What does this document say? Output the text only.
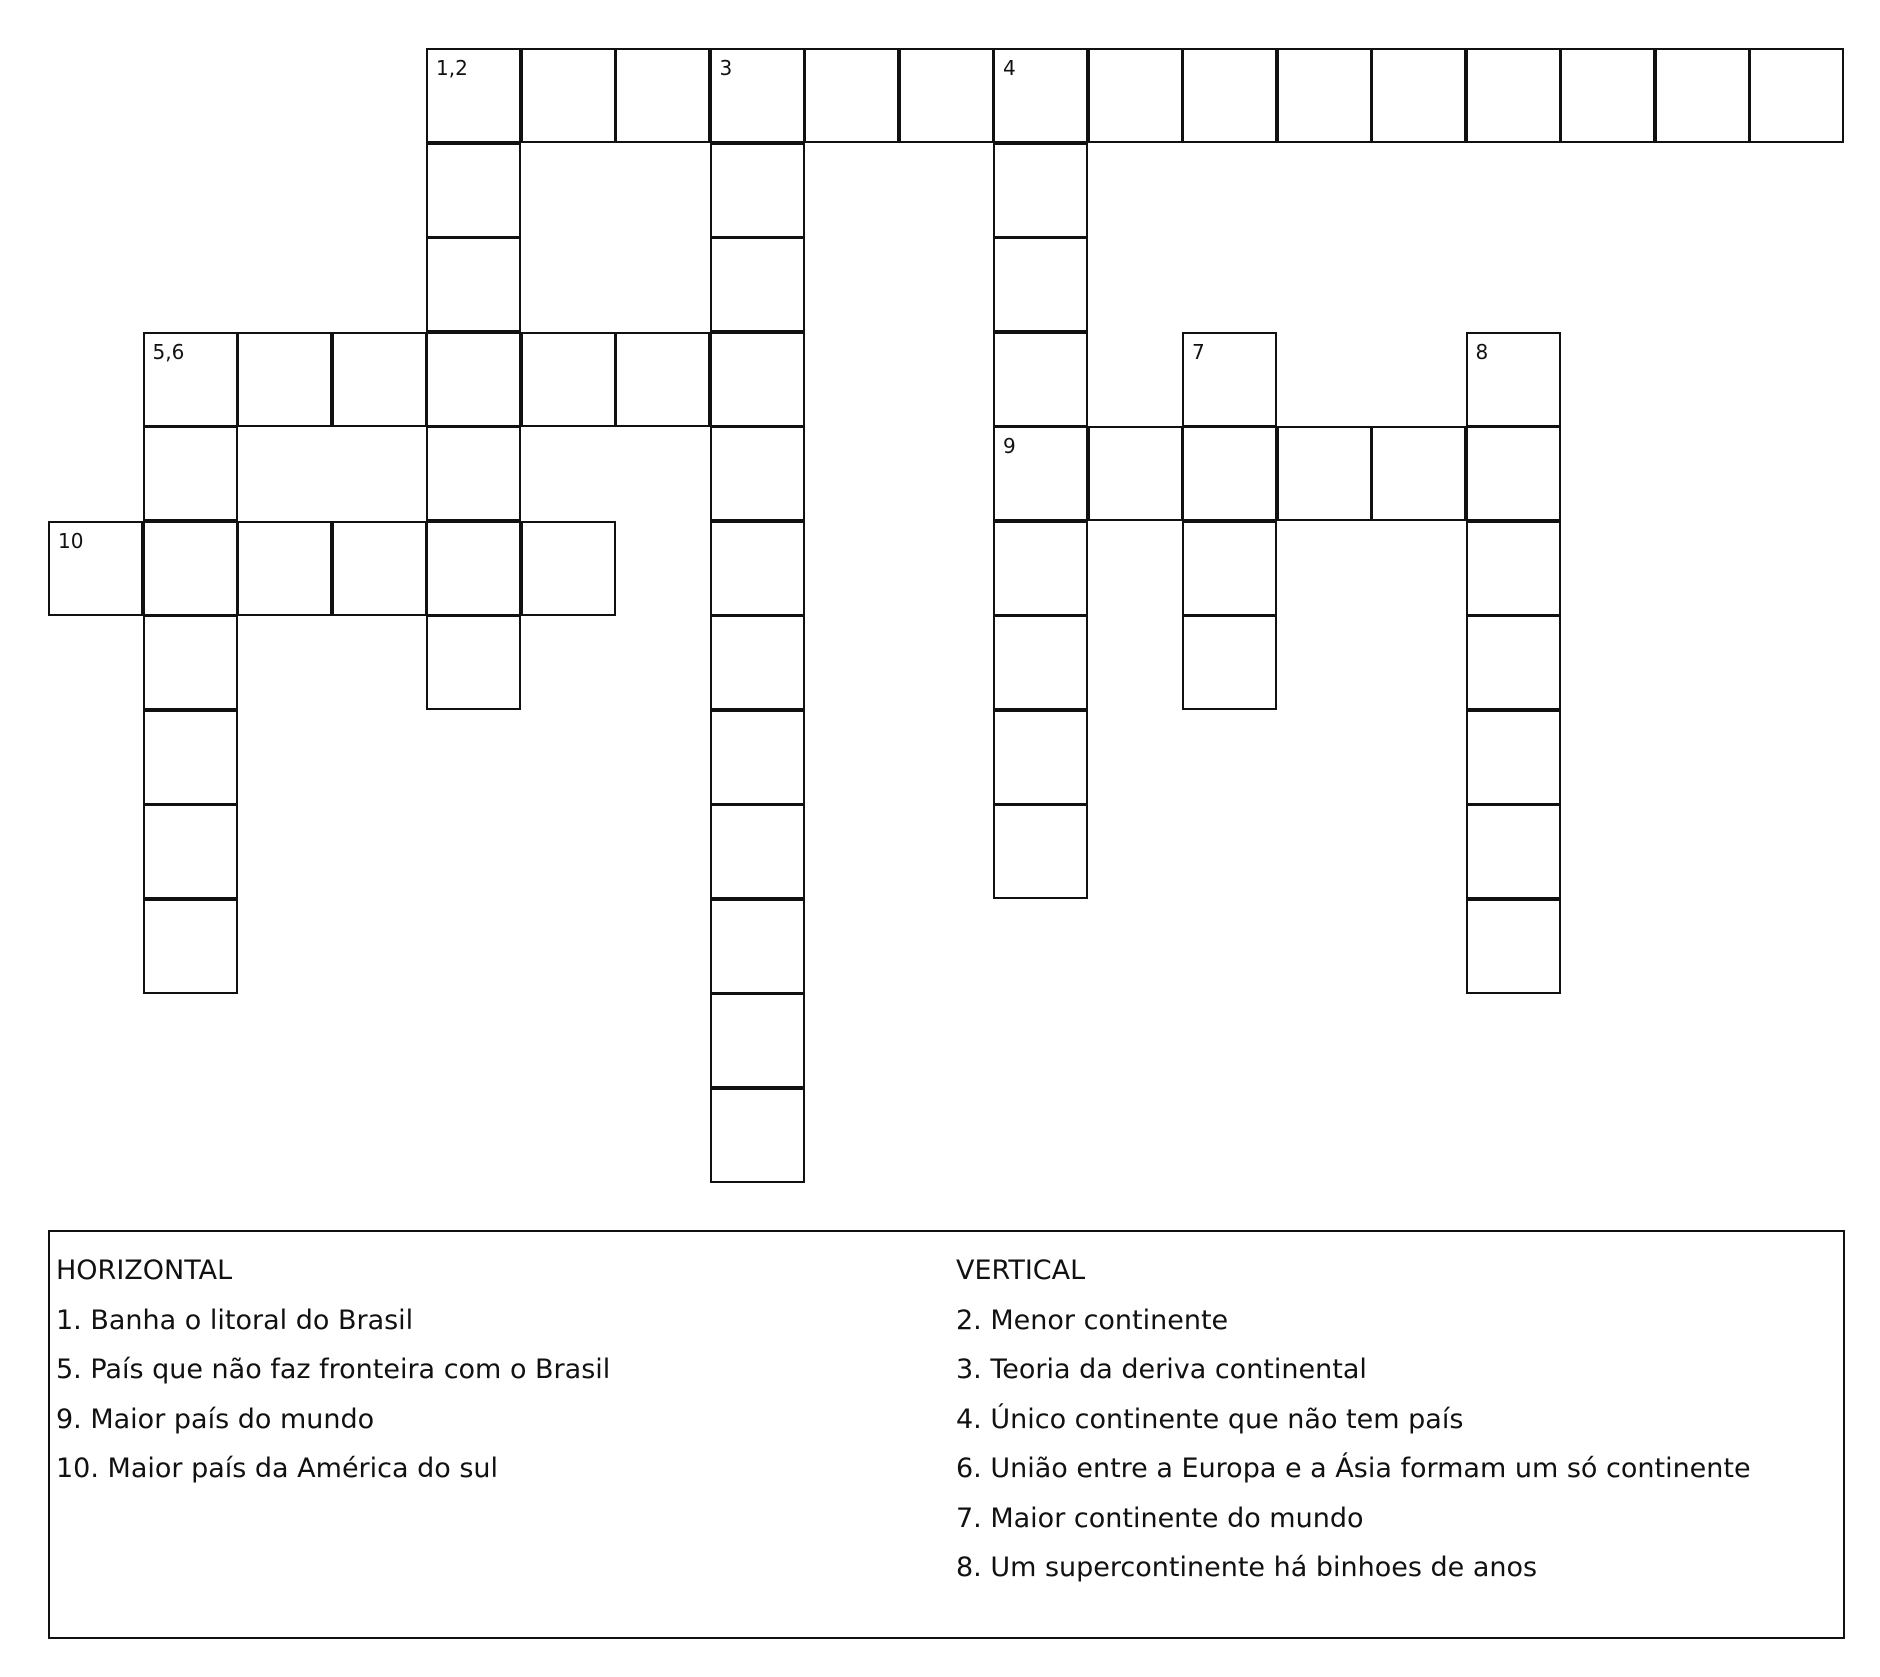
1,2	3	4
5,6	7	8
9
10
HORIZONTAL
1. Banha o litoral do Brasil
5. País que não faz fronteira com o Brasil
9. Maior país do mundo
10. Maior país da América do sul
VERTICAL
2. Menor continente
3. Teoria da deriva continental
4. Único continente que não tem país
6. União entre a Europa e a Ásia formam um só continente
7. Maior continente do mundo
8. Um supercontinente há binhoes de anos
